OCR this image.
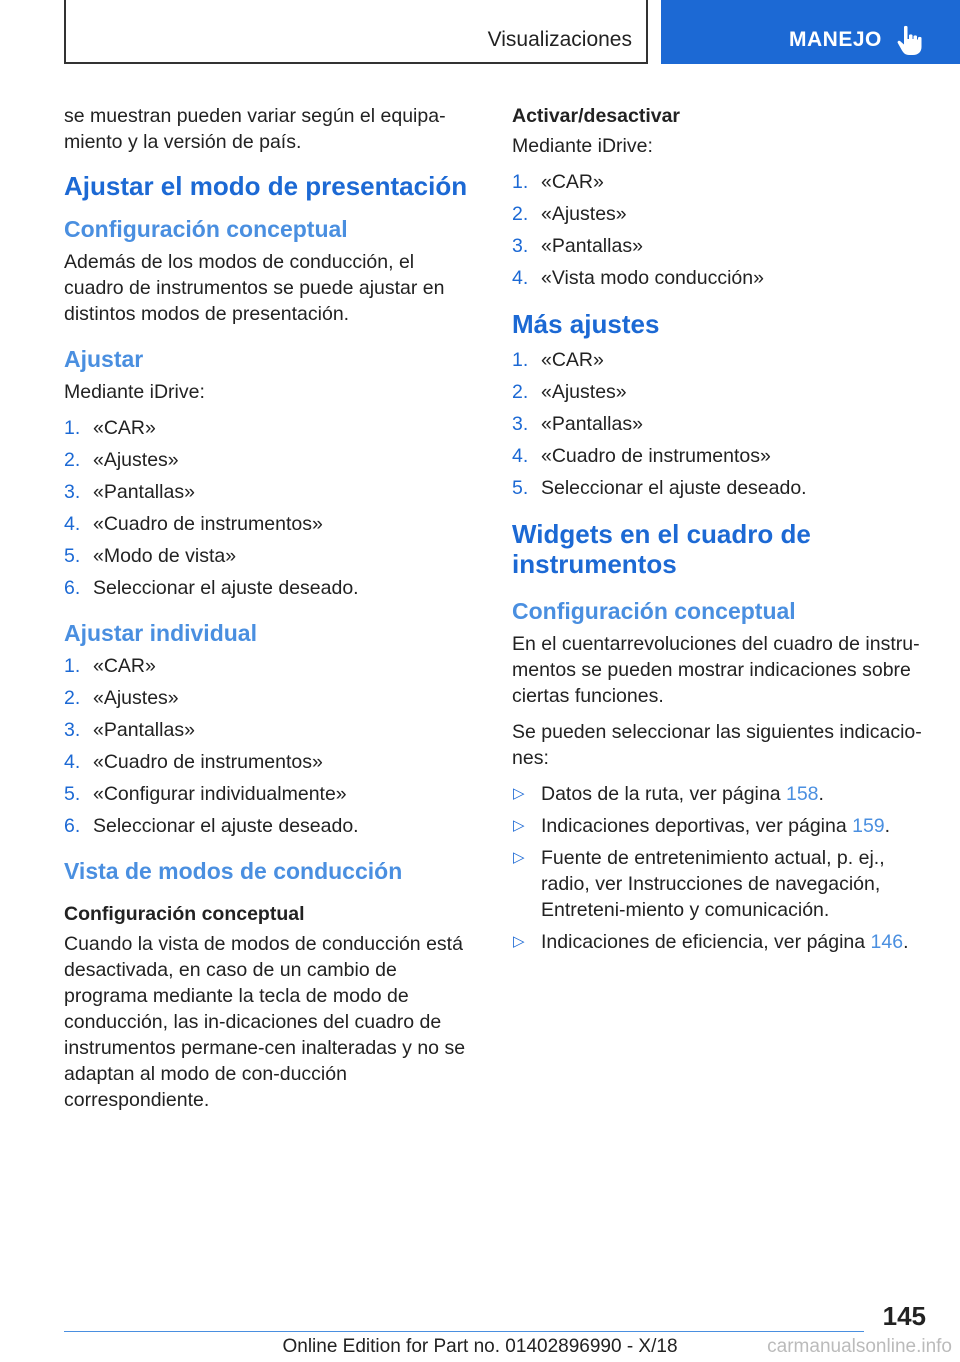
Visualizaciones	MANEJO

se muestran pueden variar según el equipa-miento y la versión de país.

Ajustar el modo de presentación
Configuración conceptual

Además de los modos de conducción, el cuadro de instrumentos se puede ajustar en distintos modos de presentación.

Ajustar

Mediante iDrive:

1. «CAR»
2. «Ajustes»
3. «Pantallas»
4. «Cuadro de instrumentos»
5. «Modo de vista»
6. Seleccionar el ajuste deseado.
Ajustar individual
1. «CAR»
2. «Ajustes»
3. «Pantallas»
4. «Cuadro de instrumentos»
5. «Configurar individualmente»
6. Seleccionar el ajuste deseado.
Vista de modos de conducción
Configuración conceptual

Cuando la vista de modos de conducción está desactivada, en caso de un cambio de programa mediante la tecla de modo de conducción, las in-dicaciones del cuadro de instrumentos permane-cen inalteradas y no se adaptan al modo de con-ducción correspondiente.

Activar/desactivar

Mediante iDrive:

1. «CAR»
2. «Ajustes»
3. «Pantallas»
4. «Vista modo conducción»
Más ajustes
1. «CAR»
2. «Ajustes»
3. «Pantallas»
4. «Cuadro de instrumentos»
5. Seleccionar el ajuste deseado.
Widgets en el cuadro de instrumentos
Configuración conceptual

En el cuentarrevoluciones del cuadro de instru-mentos se pueden mostrar indicaciones sobre ciertas funciones.

Se pueden seleccionar las siguientes indicacio-nes:

▷ Datos de la ruta, ver página 158.
▷ Indicaciones deportivas, ver página 159.
▷ Fuente de entretenimiento actual, p. ej., radio, ver Instrucciones de navegación, Entreteni-miento y comunicación.
▷ Indicaciones de eficiencia, ver página 146.
145
Online Edition for Part no. 01402896990 - X/18	carmanualsonline.info
